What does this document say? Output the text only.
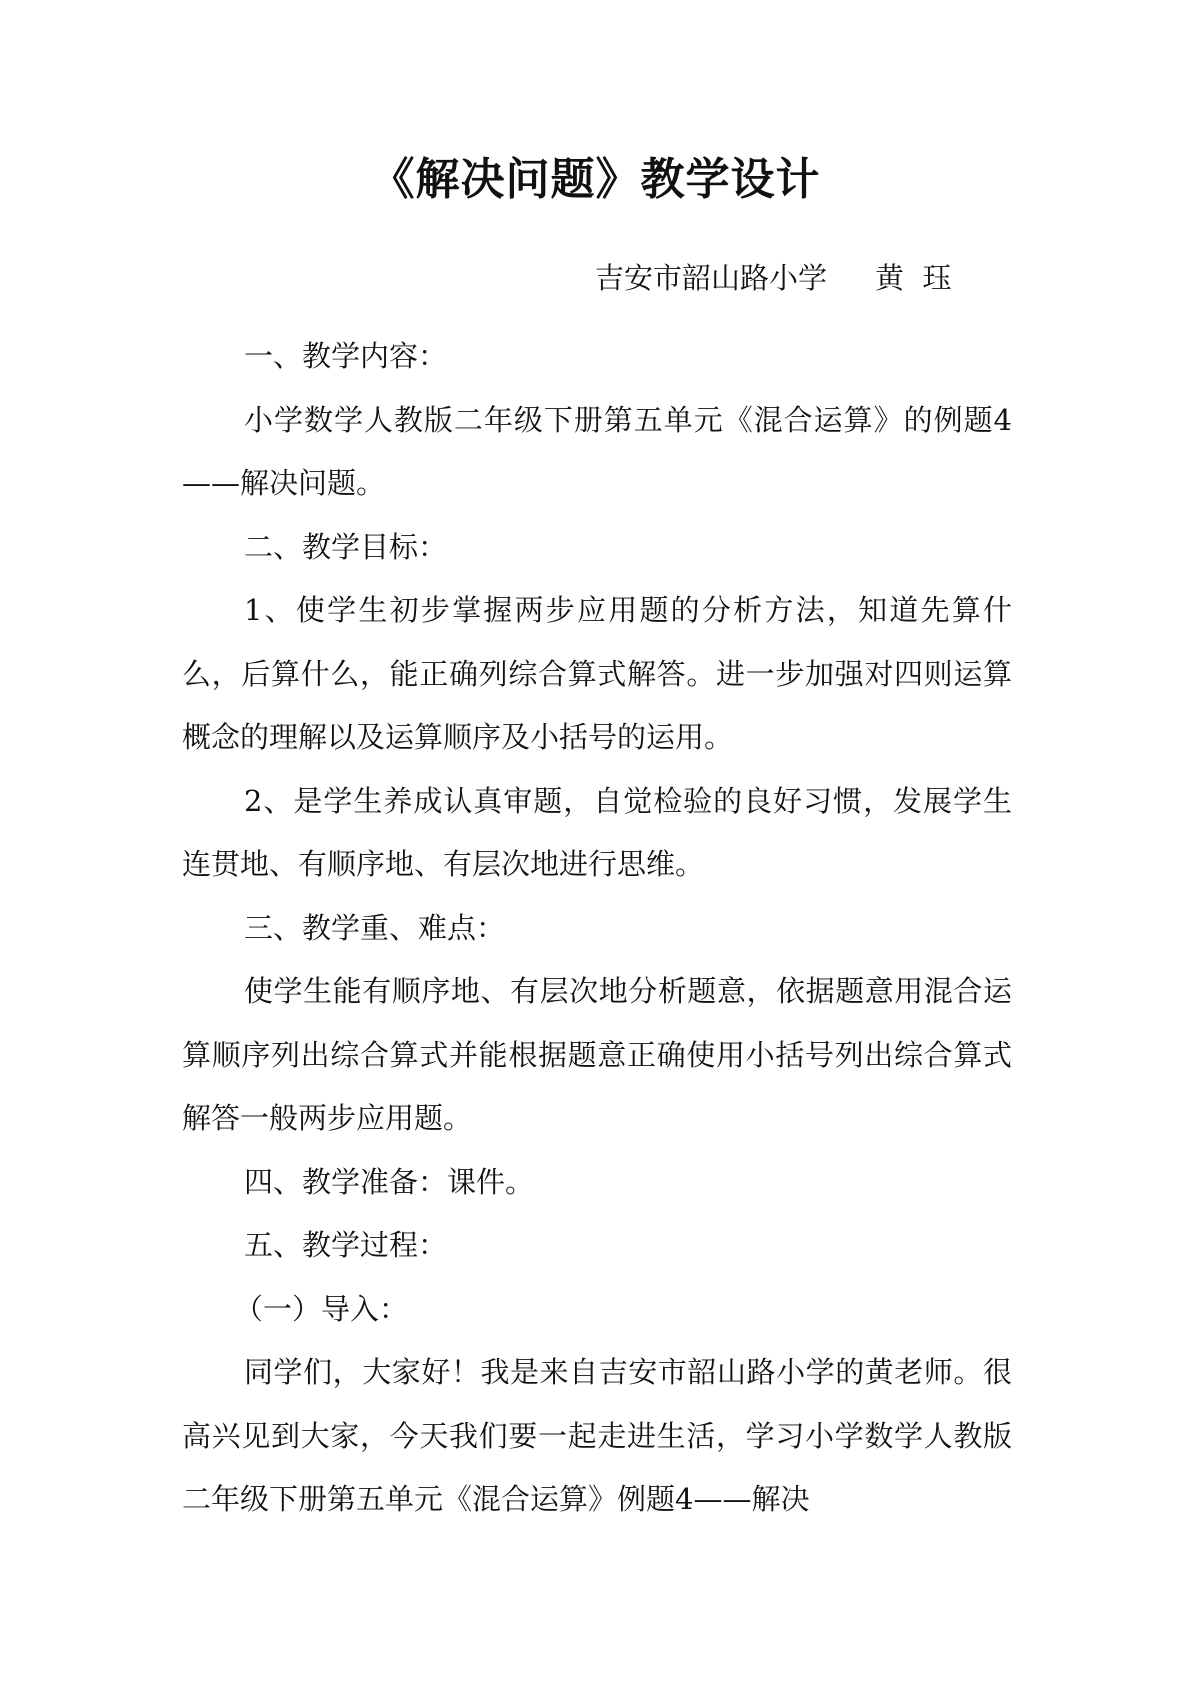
《解决问题》教学设计
吉安市韶山路小学 黄  珏

一、教学内容：

小学数学人教版二年级下册第五单元《混合运算》的例题4——解决问题。

二、教学目标：

1、使学生初步掌握两步应用题的分析方法，知道先算什么，后算什么，能正确列综合算式解答。进一步加强对四则运算概念的理解以及运算顺序及小括号的运用。

2、是学生养成认真审题，自觉检验的良好习惯，发展学生连贯地、有顺序地、有层次地进行思维。

三、教学重、难点：

使学生能有顺序地、有层次地分析题意，依据题意用混合运算顺序列出综合算式并能根据题意正确使用小括号列出综合算式解答一般两步应用题。

四、教学准备：课件。

五、教学过程：

（一）导入：

同学们，大家好！我是来自吉安市韶山路小学的黄老师。很高兴见到大家，今天我们要一起走进生活，学习小学数学人教版二年级下册第五单元《混合运算》例题4——解决
